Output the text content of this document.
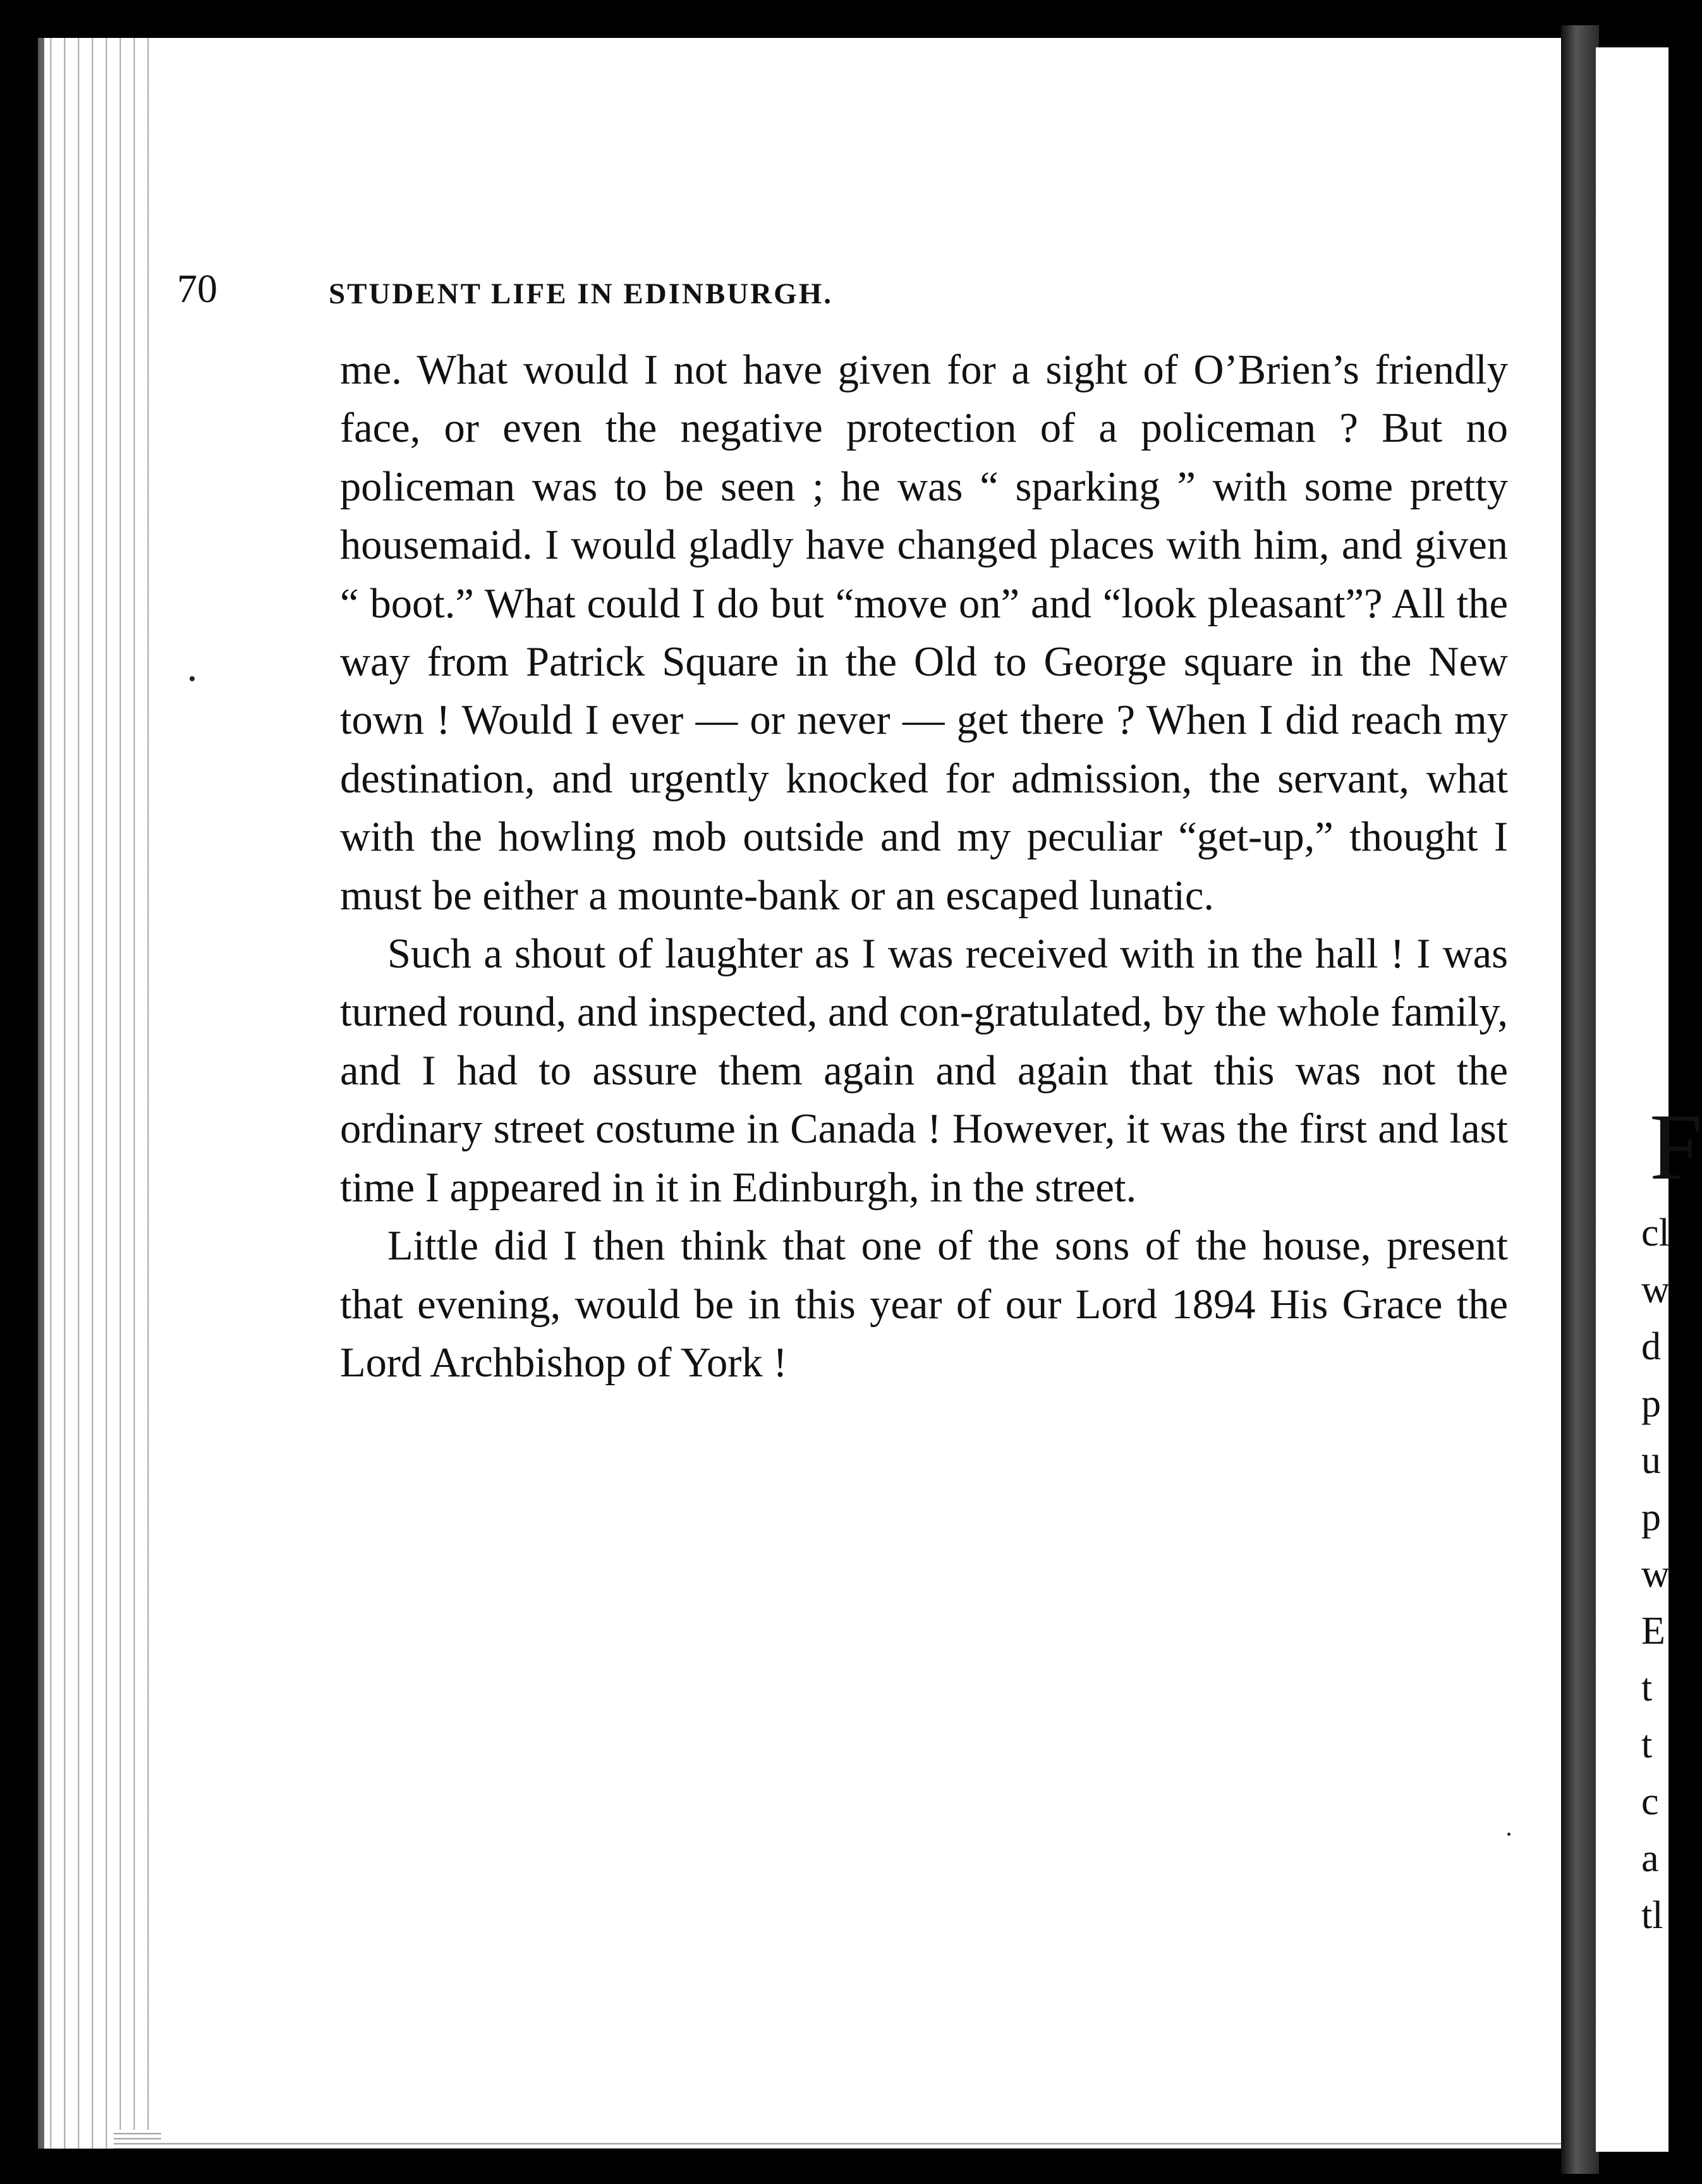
70	STUDENT LIFE IN EDINBURGH.

me. What would I not have given for a sight of O’Brien’s friendly face, or even the negative protection of a policeman ? But no policeman was to be seen ; he was “ sparking ” with some pretty housemaid. I would gladly have changed places with him, and given “ boot.” What could I do but “move on” and “look pleasant”? All the way from Patrick Square in the Old to George square in the New town ! Would I ever — or never — get there ? When I did reach my destination, and urgently knocked for admission, the servant, what with the howling mob outside and my peculiar “get-up,” thought I must be either a mounte-bank or an escaped lunatic.

Such a shout of laughter as I was received with in the hall ! I was turned round, and inspected, and con-gratulated, by the whole family, and I had to assure them again and again that this was not the ordinary street costume in Canada ! However, it was the first and last time I appeared in it in Edinburgh, in the street.

Little did I then think that one of the sons of the house, present that evening, would be in this year of our Lord 1894 His Grace the Lord Archbishop of York !

F
cl
w
d
p
u
p
w
E
t
t
c
a
tl
